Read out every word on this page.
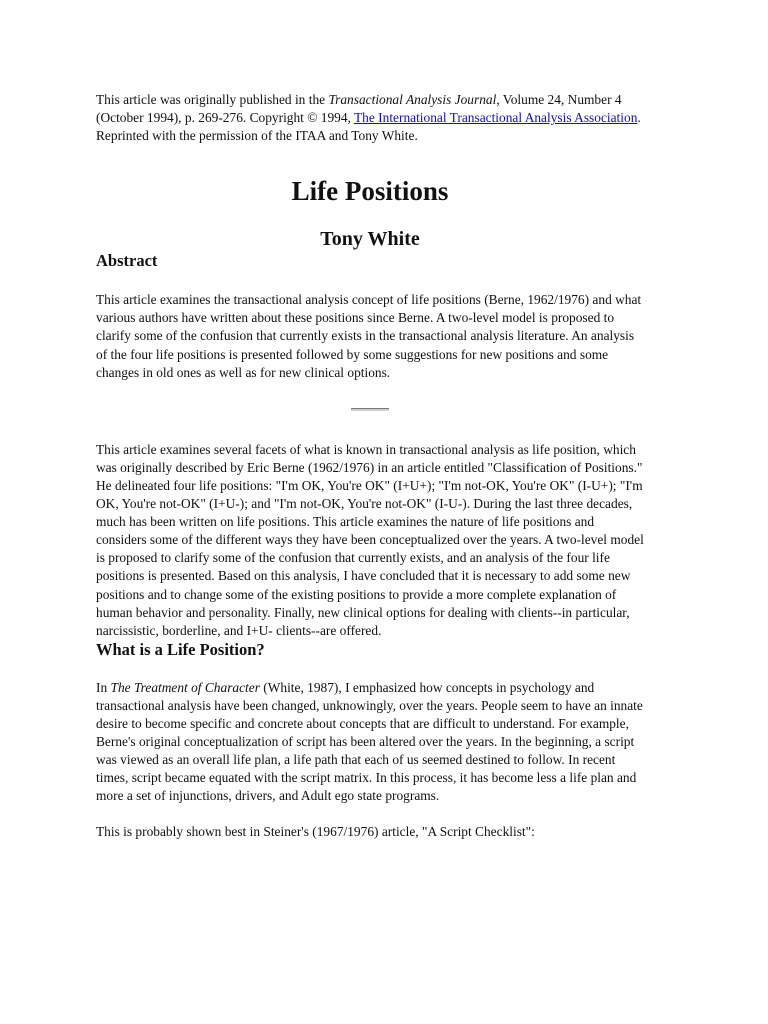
This article was originally published in the Transactional Analysis Journal, Volume 24, Number 4 (October 1994), p. 269-276. Copyright © 1994, The International Transactional Analysis Association. Reprinted with the permission of the ITAA and Tony White.

Life Positions
Tony White
Abstract

This article examines the transactional analysis concept of life positions (Berne, 1962/1976) and what various authors have written about these positions since Berne. A two-level model is proposed to clarify some of the confusion that currently exists in the transactional analysis literature. An analysis of the four life positions is presented followed by some suggestions for new positions and some changes in old ones as well as for new clinical options.

This article examines several facets of what is known in transactional analysis as life position, which was originally described by Eric Berne (1962/1976) in an article entitled "Classification of Positions." He delineated four life positions: "I'm OK, You're OK" (I+U+); "I'm not-OK, You're OK" (I-U+); "I'm OK, You're not-OK" (I+U-); and "I'm not-OK, You're not-OK" (I-U-). During the last three decades, much has been written on life positions. This article examines the nature of life positions and considers some of the different ways they have been conceptualized over the years. A two-level model is proposed to clarify some of the confusion that currently exists, and an analysis of the four life positions is presented. Based on this analysis, I have concluded that it is necessary to add some new positions and to change some of the existing positions to provide a more complete explanation of human behavior and personality. Finally, new clinical options for dealing with clients--in particular, narcissistic, borderline, and I+U- clients--are offered.

What is a Life Position?

In The Treatment of Character (White, 1987), I emphasized how concepts in psychology and transactional analysis have been changed, unknowingly, over the years. People seem to have an innate desire to become specific and concrete about concepts that are difficult to understand. For example, Berne's original conceptualization of script has been altered over the years. In the beginning, a script was viewed as an overall life plan, a life path that each of us seemed destined to follow. In recent times, script became equated with the script matrix. In this process, it has become less a life plan and more a set of injunctions, drivers, and Adult ego state programs.

This is probably shown best in Steiner's (1967/1976) article, "A Script Checklist":
